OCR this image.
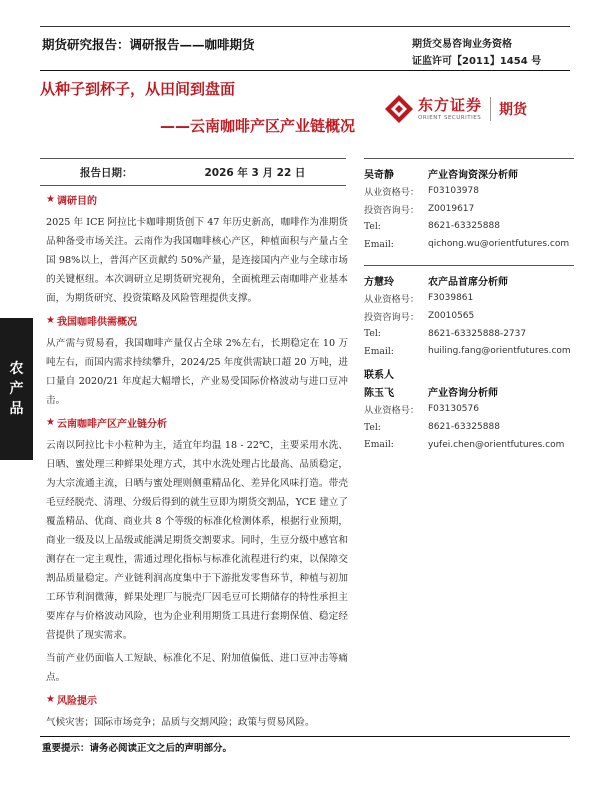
期货研究报告：调研报告——咖啡期货	期货交易咨询业务资格
证监许可【2011】1454 号
从种子到杯子，从田间到盘面
——云南咖啡产区产业链概况
东方证券
ORIENT SECURITIES 期货
农
产
品
报告日期：	2026 年 3 月 22 日
★ 调研目的

2025 年 ICE 阿拉比卡咖啡期货创下 47 年历史新高，咖啡作为准期货品种备受市场关注。云南作为我国咖啡核心产区，种植面积与产量占全国 98%以上，普洱产区贡献约 50%产量，是连接国内产业与全球市场的关键枢纽。本次调研立足期货研究视角，全面梳理云南咖啡产业基本面，为期货研究、投资策略及风险管理提供支撑。

★ 我国咖啡供需概况

从产需与贸易看，我国咖啡产量仅占全球 2%左右，长期稳定在 10 万吨左右，而国内需求持续攀升，2024/25 年度供需缺口超 20 万吨，进口量自 2020/21 年度起大幅增长，产业易受国际价格波动与进口豆冲击。

★ 云南咖啡产区产业链分析

云南以阿拉比卡小粒种为主，适宜年均温 18 - 22℃，主要采用水洗、日晒、蜜处理三种鲜果处理方式，其中水洗处理占比最高、品质稳定，为大宗流通主流，日晒与蜜处理则侧重精品化、差异化风味打造。带壳毛豆经脱壳、清理、分级后得到的就生豆即为期货交割品，YCE 建立了覆盖精品、优商、商业共 8 个等级的标准化检测体系，根据行业预期，商业一级及以上品级或能满足期货交割要求。同时，生豆分级中感官和测存在一定主观性，需通过理化指标与标准化流程进行约束，以保障交割品质量稳定。产业链利润高度集中于下游批发零售环节，种植与初加工环节利润微薄，鲜果处理厂与脱壳厂因毛豆可长期储存的特性承担主要库存与价格波动风险，也为企业利用期货工具进行套期保值、稳定经营提供了现实需求。

当前产业仍面临人工短缺、标准化不足、附加值偏低、进口豆冲击等痛点。

★ 风险提示

气候灾害；国际市场竞争；品质与交割风险；政策与贸易风险。

吴奇静	产业咨询资深分析师
从业资格号： F03103978
投资咨询号： Z0019617
Tel:	8621-63325888
Email:	qichong.wu@orientfutures.com
方慧玲	农产品首席分析师
从业资格号： F3039861
投资咨询号： Z0010565
Tel:	8621-63325888-2737
Email:	huiling.fang@orientfutures.com
联系人
陈玉飞	产业咨询分析师
从业资格号： F03130576
Tel:	8621-63325888
Email:	yufei.chen@orientfutures.com
重要提示：请务必阅读正文之后的声明部分。
